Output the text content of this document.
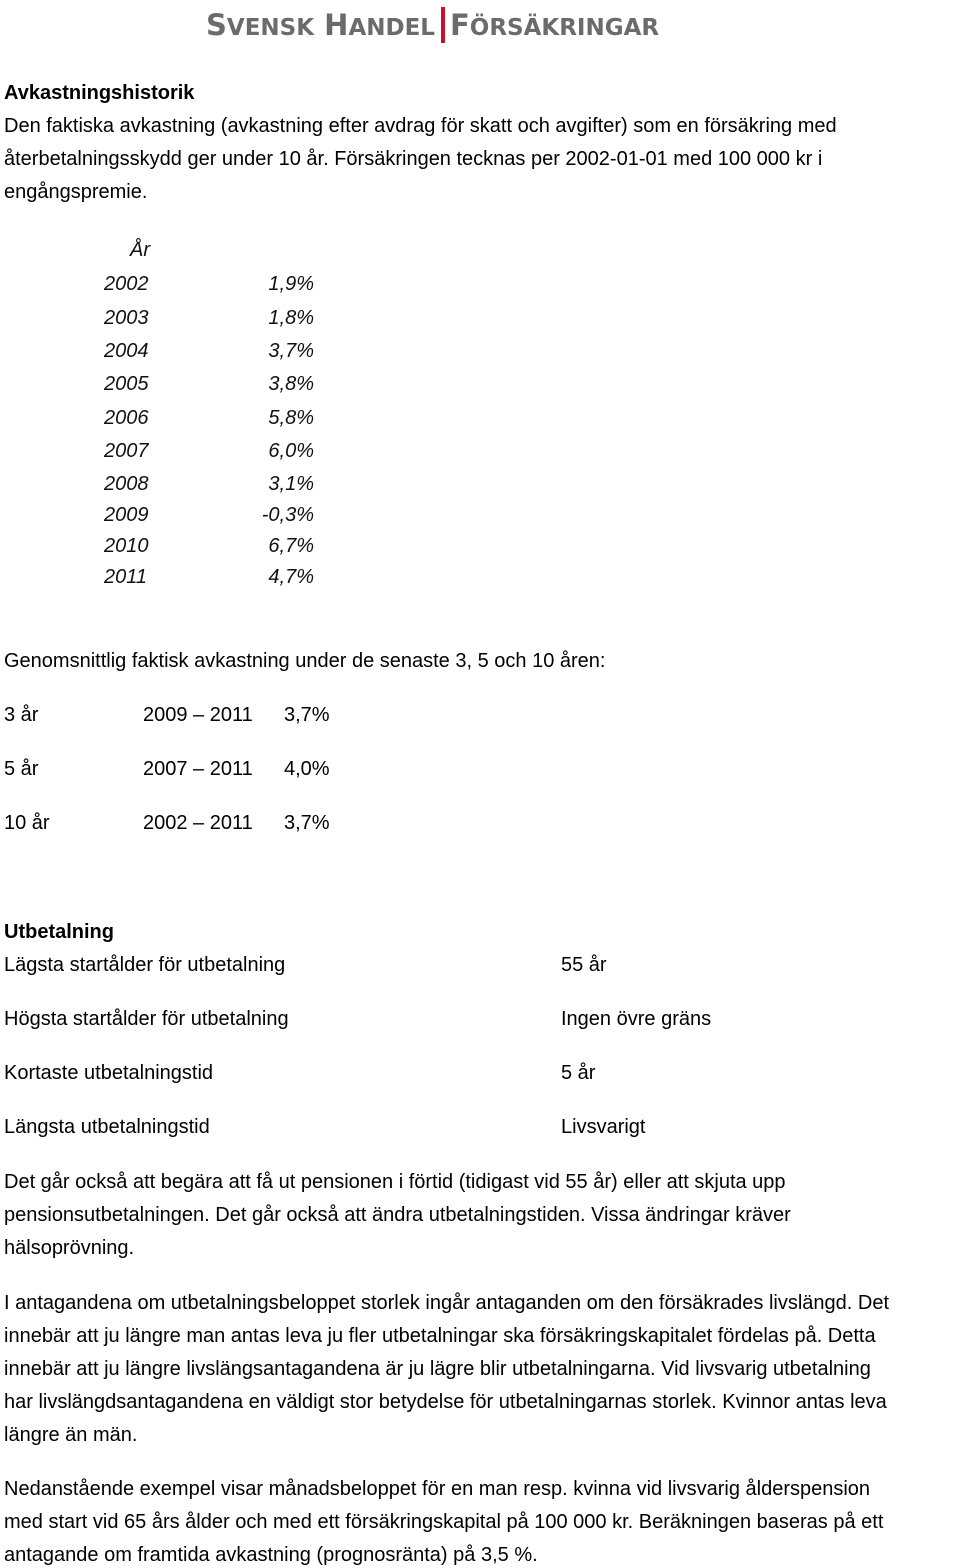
SVENSK HANDEL FÖRSÄKRINGAR
Avkastningshistorik
Den faktiska avkastning (avkastning efter avdrag för skatt och avgifter) som en försäkring med
återbetalningsskydd ger under 10 år. Försäkringen tecknas per 2002-01-01 med 100 000 kr i
engångspremie.
År
2002	1,9%
2003	1,8%
2004	3,7%
2005	3,8%
2006	5,8%
2007	6,0%
2008	3,1%
2009	-0,3%
2010	6,7%
2011	4,7%
Genomsnittlig faktisk avkastning under de senaste 3, 5 och 10 åren:
3 år	2009 – 2011 3,7%
5 år	2007 – 2011 4,0%
10 år	2002 – 2011 3,7%
Utbetalning
Lägsta startålder för utbetalning	55 år
Högsta startålder för utbetalning	Ingen övre gräns
Kortaste utbetalningstid	5 år
Längsta utbetalningstid	Livsvarigt
Det går också att begära att få ut pensionen i förtid (tidigast vid 55 år) eller att skjuta upp
pensionsutbetalningen. Det går också att ändra utbetalningstiden. Vissa ändringar kräver
hälsoprövning.
I antagandena om utbetalningsbeloppet storlek ingår antaganden om den försäkrades livslängd. Det
innebär att ju längre man antas leva ju fler utbetalningar ska försäkringskapitalet fördelas på. Detta
innebär att ju längre livslängsantagandena är ju lägre blir utbetalningarna. Vid livsvarig utbetalning
har livslängdsantagandena en väldigt stor betydelse för utbetalningarnas storlek. Kvinnor antas leva
längre än män.
Nedanstående exempel visar månadsbeloppet för en man resp. kvinna vid livsvarig ålderspension
med start vid 65 års ålder och med ett försäkringskapital på 100 000 kr. Beräkningen baseras på ett
antagande om framtida avkastning (prognosränta) på 3,5 %.
